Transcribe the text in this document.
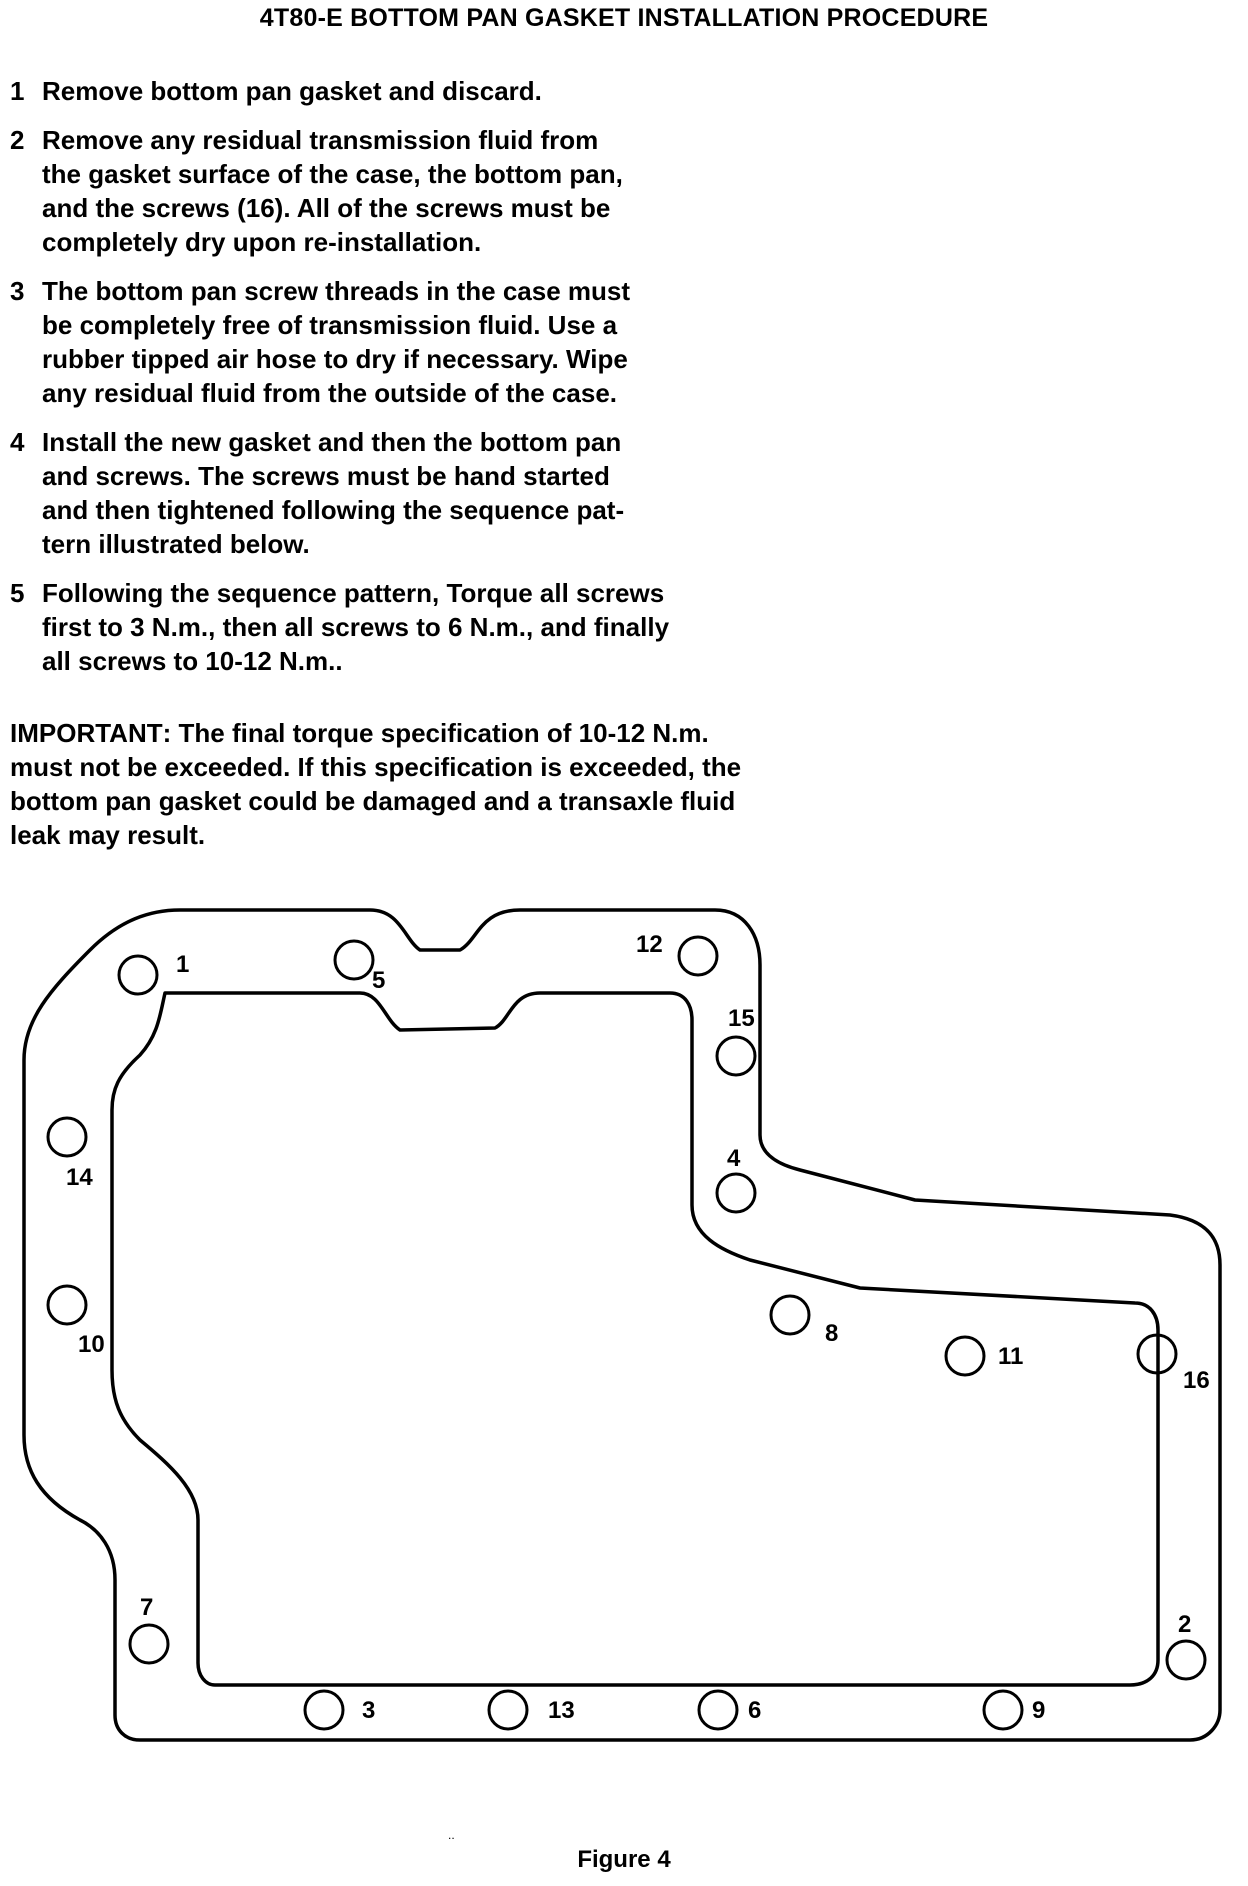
4T80-E BOTTOM PAN GASKET INSTALLATION PROCEDURE
1 Remove bottom pan gasket and discard.
2 Remove any residual transmission fluid from
the gasket surface of the case, the bottom pan,
and the screws (16). All of the screws must be
completely dry upon re-installation.
3 The bottom pan screw threads in the case must
be completely free of transmission fluid. Use a
rubber tipped air hose to dry if necessary. Wipe
any residual fluid from the outside of the case.
4 Install the new gasket and then the bottom pan
and screws. The screws must be hand started
and then tightened following the sequence pat-
tern illustrated below.
5 Following the sequence pattern, Torque all screws
first to 3 N.m., then all screws to 6 N.m., and finally
all screws to 10-12 N.m..
IMPORTANT: The final torque specification of 10-12 N.m.
must not be exceeded. If this specification is exceeded, the
bottom pan gasket could be damaged and a transaxle fluid
leak may result.
1
5
12
15
4
14
10	8
11
16
7
2
3	13	6	9
..
Figure 4
